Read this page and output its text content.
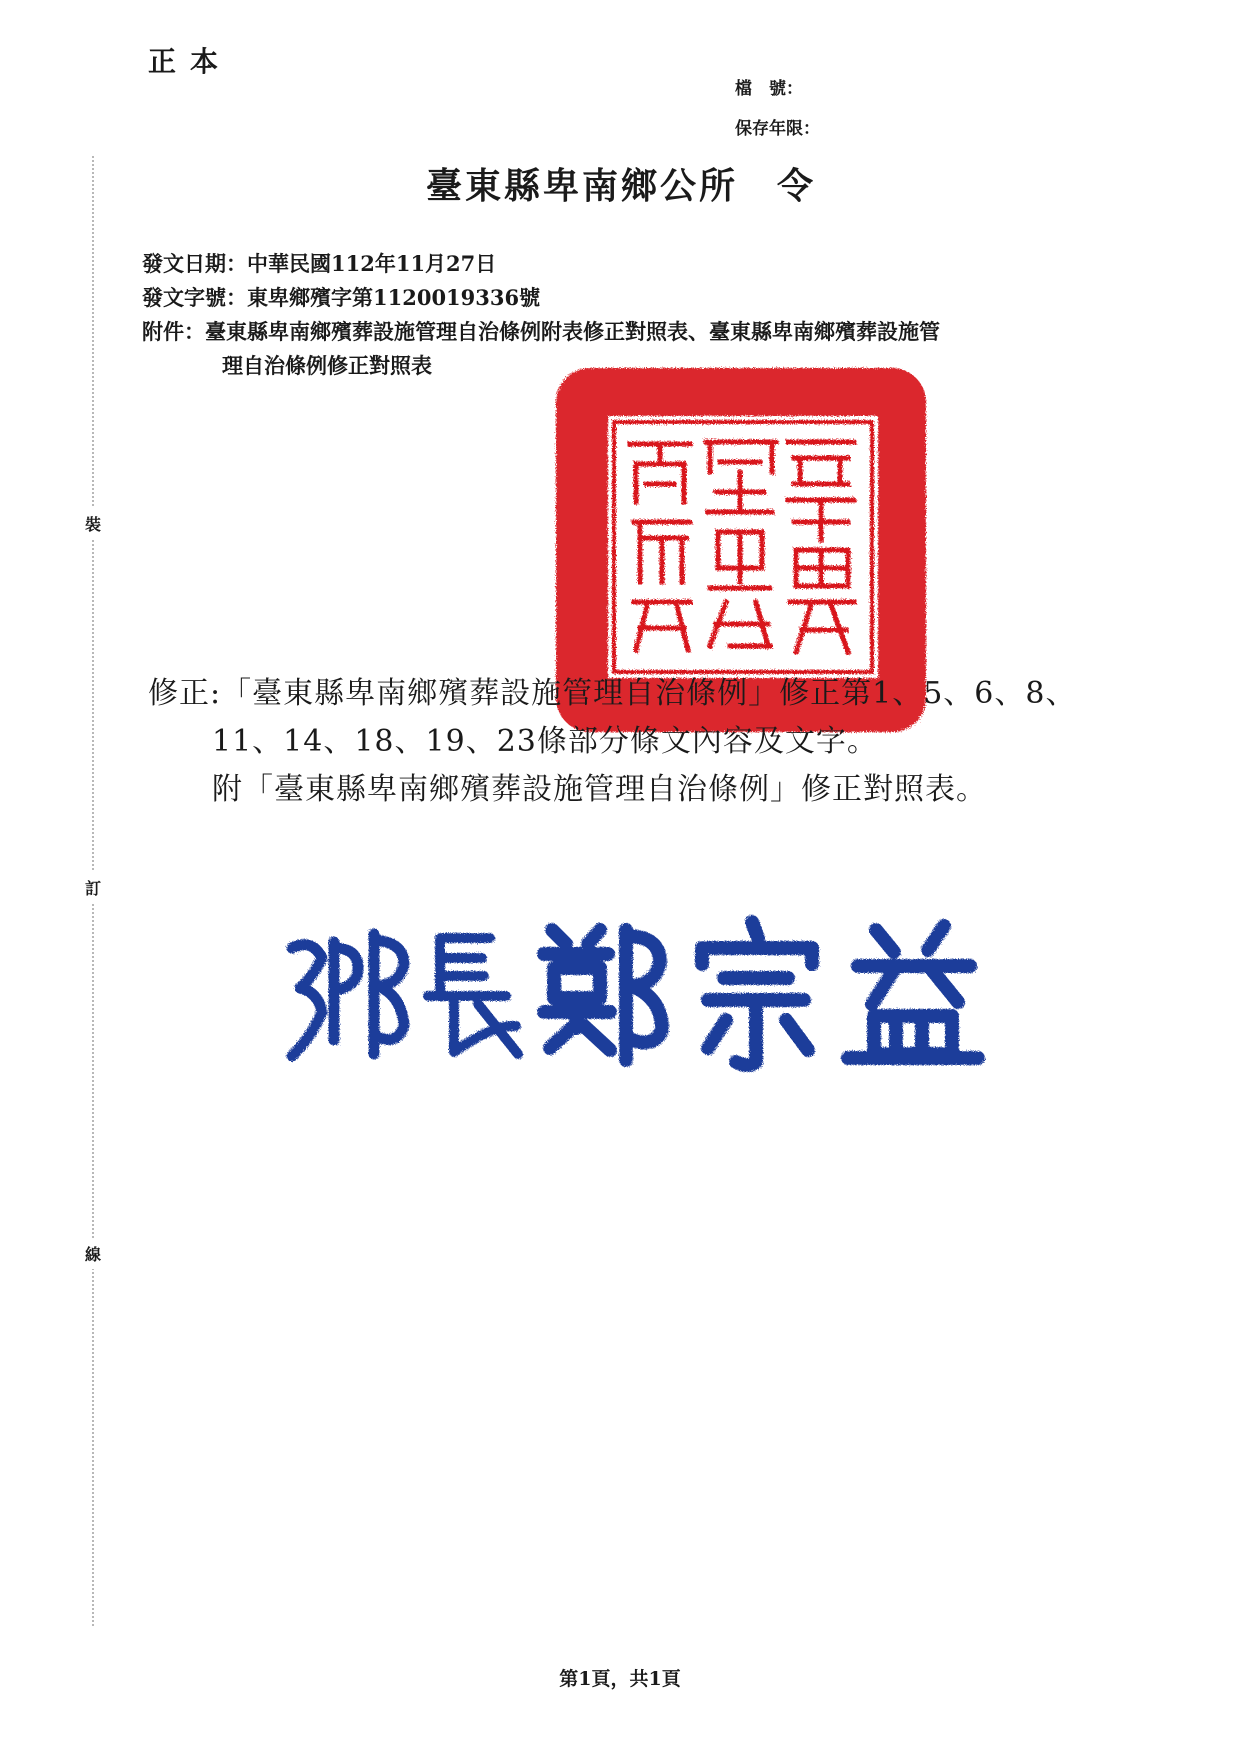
正本
檔　號：
保存年限：
臺東縣卑南鄉公所　令
發文日期：中華民國112年11月27日
發文字號：東卑鄉殯字第1120019336號
附件：臺東縣卑南鄉殯葬設施管理自治條例附表修正對照表、臺東縣卑南鄉殯葬設施管
理自治條例修正對照表
裝
訂
線
修正:「臺東縣卑南鄉殯葬設施管理自治條例」修正第1、5、6、8、
11、14、18、19、23條部分條文內容及文字。
附「臺東縣卑南鄉殯葬設施管理自治條例」修正對照表。
第1頁，共1頁
